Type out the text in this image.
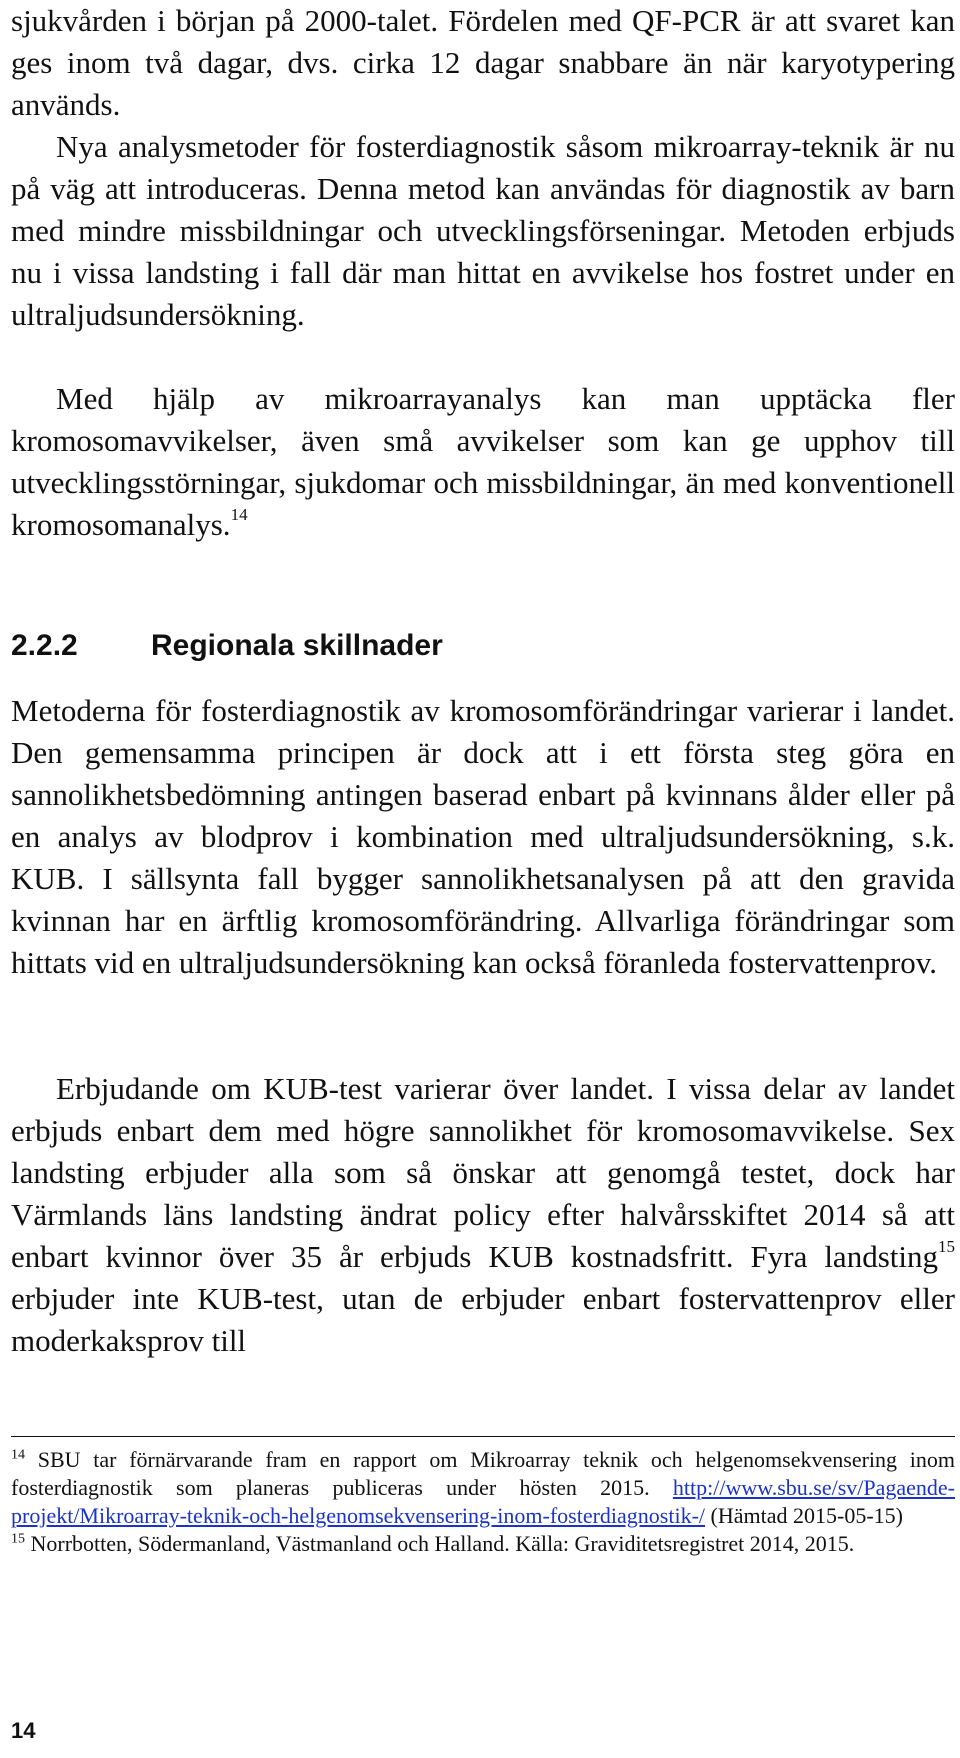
sjukvården i början på 2000-talet. Fördelen med QF-PCR är att svaret kan ges inom två dagar, dvs. cirka 12 dagar snabbare än när karyotypering används.

Nya analysmetoder för fosterdiagnostik såsom mikroarray-teknik är nu på väg att introduceras. Denna metod kan användas för diagnostik av barn med mindre missbildningar och utvecklingsförseningar. Metoden erbjuds nu i vissa landsting i fall där man hittat en avvikelse hos fostret under en ultraljudsundersökning.

Med hjälp av mikroarrayanalys kan man upptäcka fler kromosomavvikelser, även små avvikelser som kan ge upphov till utvecklingsstörningar, sjukdomar och missbildningar, än med konventionell kromosomanalys.$^{14}$

2.2.2 Regionala skillnader

Metoderna för fosterdiagnostik av kromosomförändringar varierar i landet. Den gemensamma principen är dock att i ett första steg göra en sannolikhetsbedömning antingen baserad enbart på kvinnans ålder eller på en analys av blodprov i kombination med ultraljudsundersökning, s.k. KUB. I sällsynta fall bygger sannolikhetsanalysen på att den gravida kvinnan har en ärftlig kromosomförändring. Allvarliga förändringar som hittats vid en ultraljudsundersökning kan också föranleda fostervattenprov.

Erbjudande om KUB-test varierar över landet. I vissa delar av landet erbjuds enbart dem med högre sannolikhet för kromosomavvikelse. Sex landsting erbjuder alla som så önskar att genomgå testet, dock har Värmlands läns landsting ändrat policy efter halvårsskiftet 2014 så att enbart kvinnor över 35 år erbjuds KUB kostnadsfritt. Fyra landsting$^{15}$ erbjuder inte KUB-test, utan de erbjuder enbart fostervattenprov eller moderkaksprov till

$^{14}$ SBU tar förnärvarande fram en rapport om Mikroarray teknik och helgenomsekvensering inom fosterdiagnostik som planeras publiceras under hösten 2015. http://www.sbu.se/sv/Pagaende-projekt/Mikroarray-teknik-och-helgenomsekvensering-inom-fosterdiagnostik-/ (Hämtad 2015-05-15)

$^{15}$ Norrbotten, Södermanland, Västmanland och Halland. Källa: Graviditetsregistret 2014, 2015.

14
